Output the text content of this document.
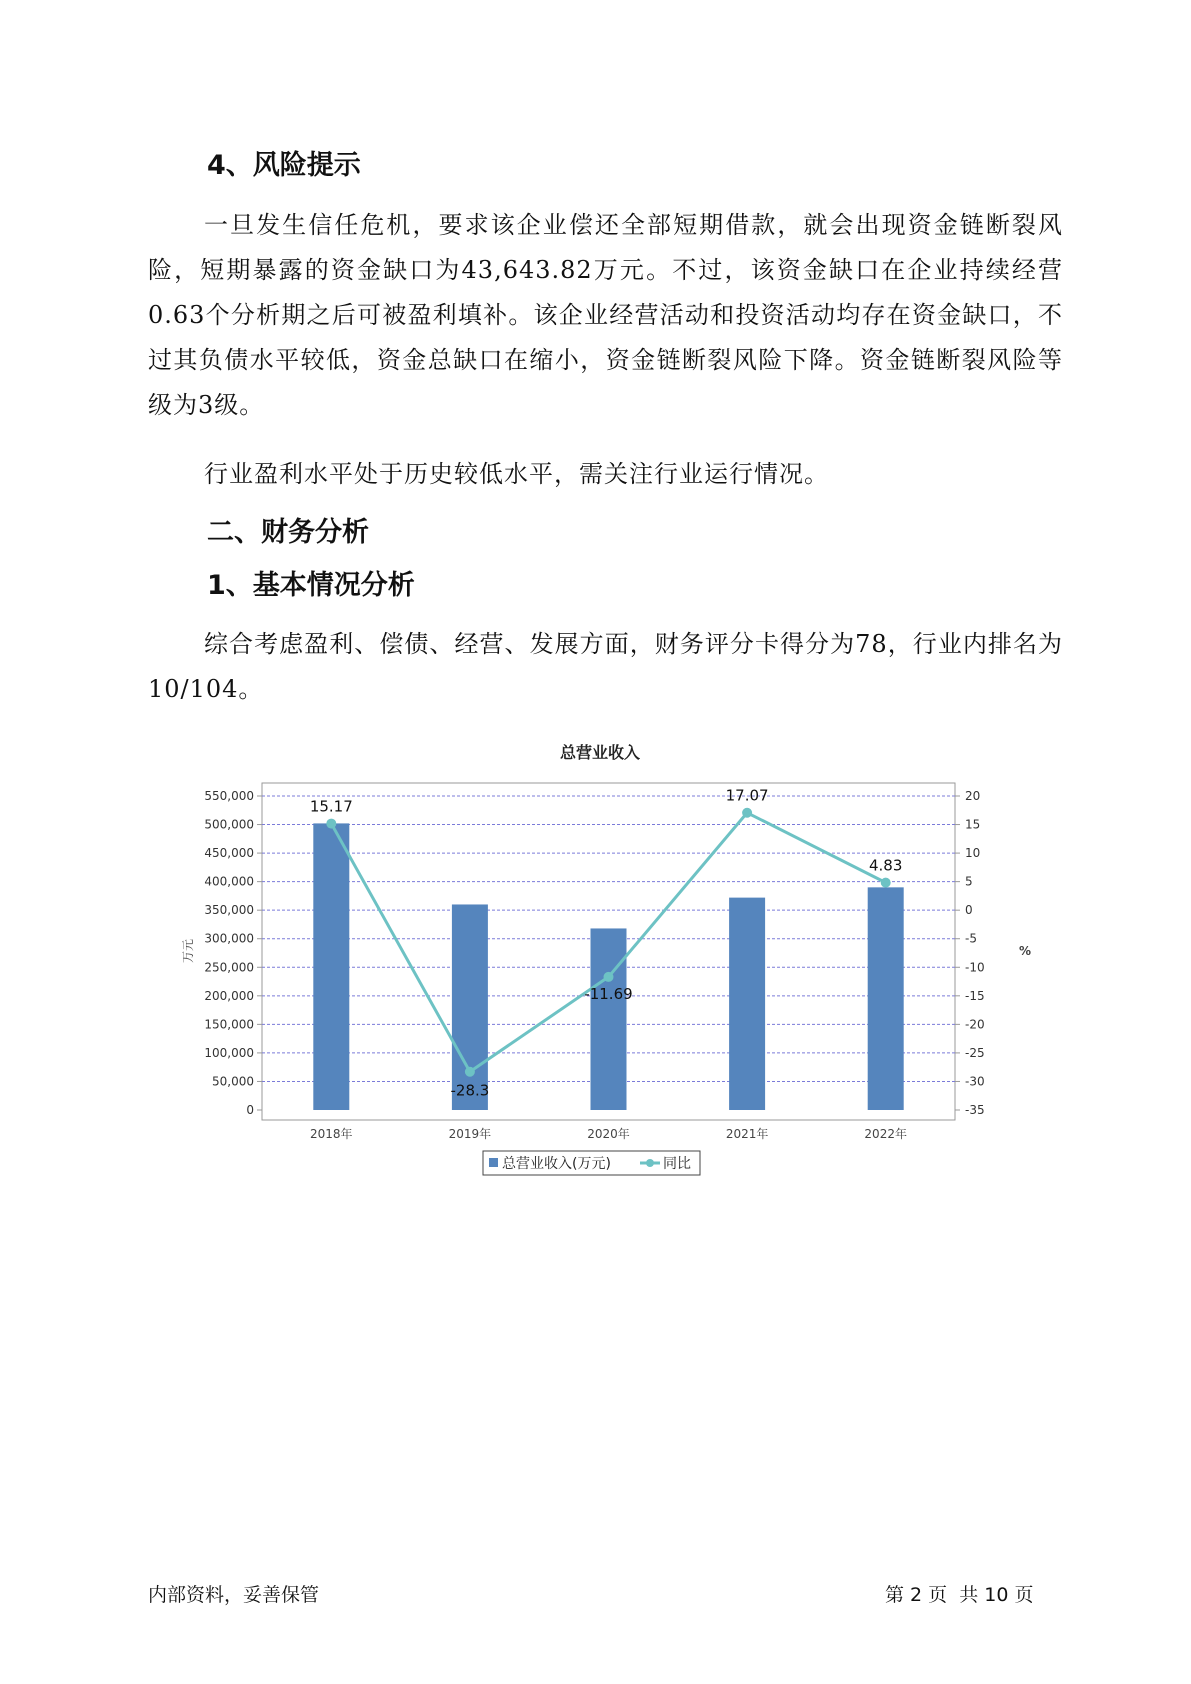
4、风险提示

一旦发生信任危机，要求该企业偿还全部短期借款，就会出现资金链断裂风险，短期暴露的资金缺口为43,643.82万元。不过，该资金缺口在企业持续经营 0.63个分析期之后可被盈利填补。该企业经营活动和投资活动均存在资金缺口，不过其负债水平较低，资金总缺口在缩小，资金链断裂风险下降。资金链断裂风险等级为3级。

行业盈利水平处于历史较低水平，需关注行业运行情况。

二、财务分析
1、基本情况分析

综合考虑盈利、偿债、经营、发展方面，财务评分卡得分为78，行业内排名为10/104。

总营业收入
0
50,000
100,000
150,000
200,000
250,000
300,000
350,000
400,000
450,000
500,000
550,000
-35
-30
-25
-20
-15
-10
-5
0
5
10
15
20
2018年	2019年	2020年	2021年	2022年
15.17
-28.3
-11.69
17.07
4.83
万元	%
总营业收入(万元)	同比
内部资料，妥善保管	第 2 页  共 10 页
